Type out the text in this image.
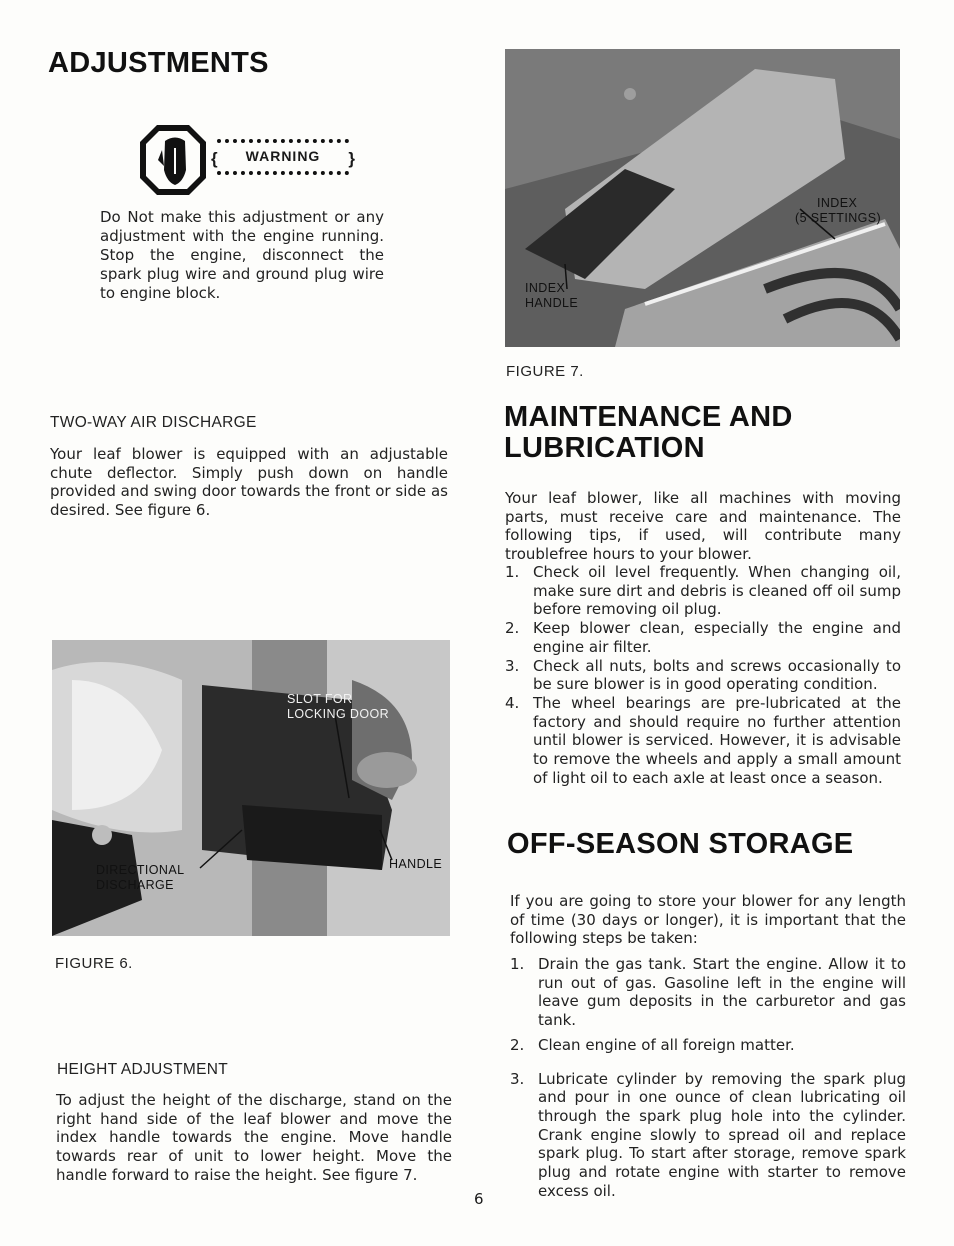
ADJUSTMENTS
{ WARNING }

Do Not make this adjustment or any adjustment with the engine running. Stop the engine, disconnect the spark plug wire and ground plug wire to engine block.

TWO-WAY AIR DISCHARGE

Your leaf blower is equipped with an adjustable chute deflector. Simply push down on handle provided and swing door towards the front or side as desired. See figure 6.

SLOT FOR
LOCKING DOOR
DIRECTIONAL
DISCHARGE
HANDLE
FIGURE 6.
HEIGHT ADJUSTMENT

To adjust the height of the discharge, stand on the right hand side of the leaf blower and move the index handle towards the engine. Move handle towards rear of unit to lower height. Move the handle forward to raise the height. See figure 7.

INDEX
(5 SETTINGS)
INDEX
HANDLE
FIGURE 7.
MAINTENANCE AND
LUBRICATION

Your leaf blower, like all machines with moving parts, must receive care and maintenance. The following tips, if used, will contribute many troublefree hours to your blower.

1. Check oil level frequently. When changing oil, make sure dirt and debris is cleaned off oil sump before removing oil plug.
2. Keep blower clean, especially the engine and engine air filter.
3. Check all nuts, bolts and screws occasionally to be sure blower is in good operating condition.
4. The wheel bearings are pre-lubricated at the factory and should require no further attention until blower is serviced. However, it is advisable to remove the wheels and apply a small amount of light oil to each axle at least once a season.
OFF-SEASON STORAGE

If you are going to store your blower for any length of time (30 days or longer), it is important that the following steps be taken:

1. Drain the gas tank. Start the engine. Allow it to run out of gas. Gasoline left in the engine will leave gum deposits in the carburetor and gas tank.
2. Clean engine of all foreign matter.
3. Lubricate cylinder by removing the spark plug and pour in one ounce of clean lubricating oil through the spark plug hole into the cylinder. Crank engine slowly to spread oil and replace spark plug. To start after storage, remove spark plug and rotate engine with starter to remove excess oil.
6
